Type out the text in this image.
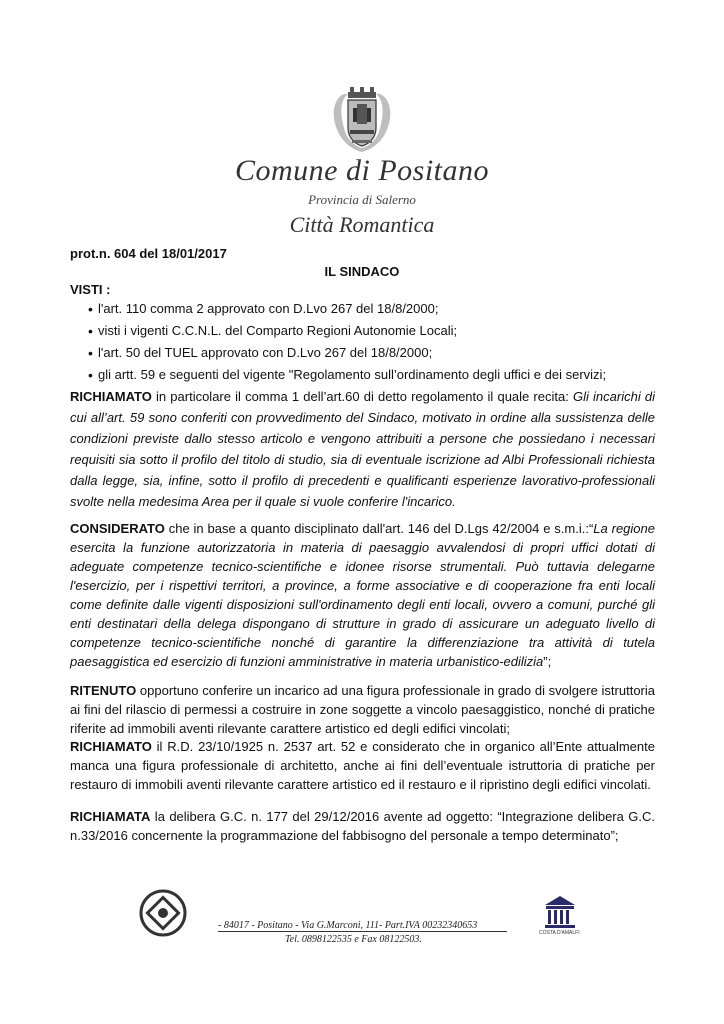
Comune di Positano
Provincia di Salerno
Città Romantica
prot.n. 604 del 18/01/2017
IL SINDACO
VISTI :
• l'art. 110 comma 2 approvato con D.Lvo 267 del 18/8/2000;
• visti i vigenti C.C.N.L. del Comparto Regioni Autonomie Locali;
• l'art. 50 del TUEL approvato con D.Lvo 267 del 18/8/2000;
• gli artt. 59 e seguenti del vigente "Regolamento sull’ordinamento degli uffici e dei servizi;

RICHIAMATO in particolare il comma 1 dell’art.60 di detto regolamento il quale recita: Gli incarichi di cui all’art. 59 sono conferiti con provvedimento del Sindaco, motivato in ordine alla sussistenza delle condizioni previste dallo stesso articolo e vengono attribuiti a persone che possiedano i necessari requisiti sia sotto il profilo del titolo di studio, sia di eventuale iscrizione ad Albi Professionali richiesta dalla legge, sia, infine, sotto il profilo di precedenti e qualificanti esperienze lavorativo-professionali svolte nella medesima Area per il quale si vuole conferire l'incarico.

CONSIDERATO che in base a quanto disciplinato dall'art. 146 del D.Lgs 42/2004 e s.m.i.:“La regione esercita la funzione autorizzatoria in materia di paesaggio avvalendosi di propri uffici dotati di adeguate competenze tecnico-scientifiche e idonee risorse strumentali. Può tuttavia delegarne l'esercizio, per i rispettivi territori, a province, a forme associative e di cooperazione fra enti locali come definite dalle vigenti disposizioni sull'ordinamento degli enti locali, ovvero a comuni, purché gli enti destinatari della delega dispongano di strutture in grado di assicurare un adeguato livello di competenze tecnico-scientifiche nonché di garantire la differenziazione tra attività di tutela paesaggistica ed esercizio di funzioni amministrative in materia urbanistico-edilizia”;

RITENUTO opportuno conferire un incarico ad una figura professionale in grado di svolgere istruttoria ai fini del rilascio di permessi a costruire in zone soggette a vincolo paesaggistico, nonché di pratiche riferite ad immobili aventi rilevante carattere artistico ed degli edifici vincolati;

RICHIAMATO il R.D. 23/10/1925 n. 2537 art. 52 e considerato che in organico all’Ente attualmente manca una figura professionale di architetto, anche ai fini dell’eventuale istruttoria di pratiche per restauro di immobili aventi rilevante carattere artistico ed il restauro e il ripristino degli edifici vincolati.

RICHIAMATA la delibera G.C. n. 177 del 29/12/2016 avente ad oggetto: “Integrazione delibera G.C. n.33/2016 concernente la programmazione del fabbisogno del personale a tempo determinato”;

- 84017 - Positano - Via G.Marconi, 111- Part.IVA 00232340653
Tel. 0898122535 e Fax 08122503.
COSTA D'AMALFI
